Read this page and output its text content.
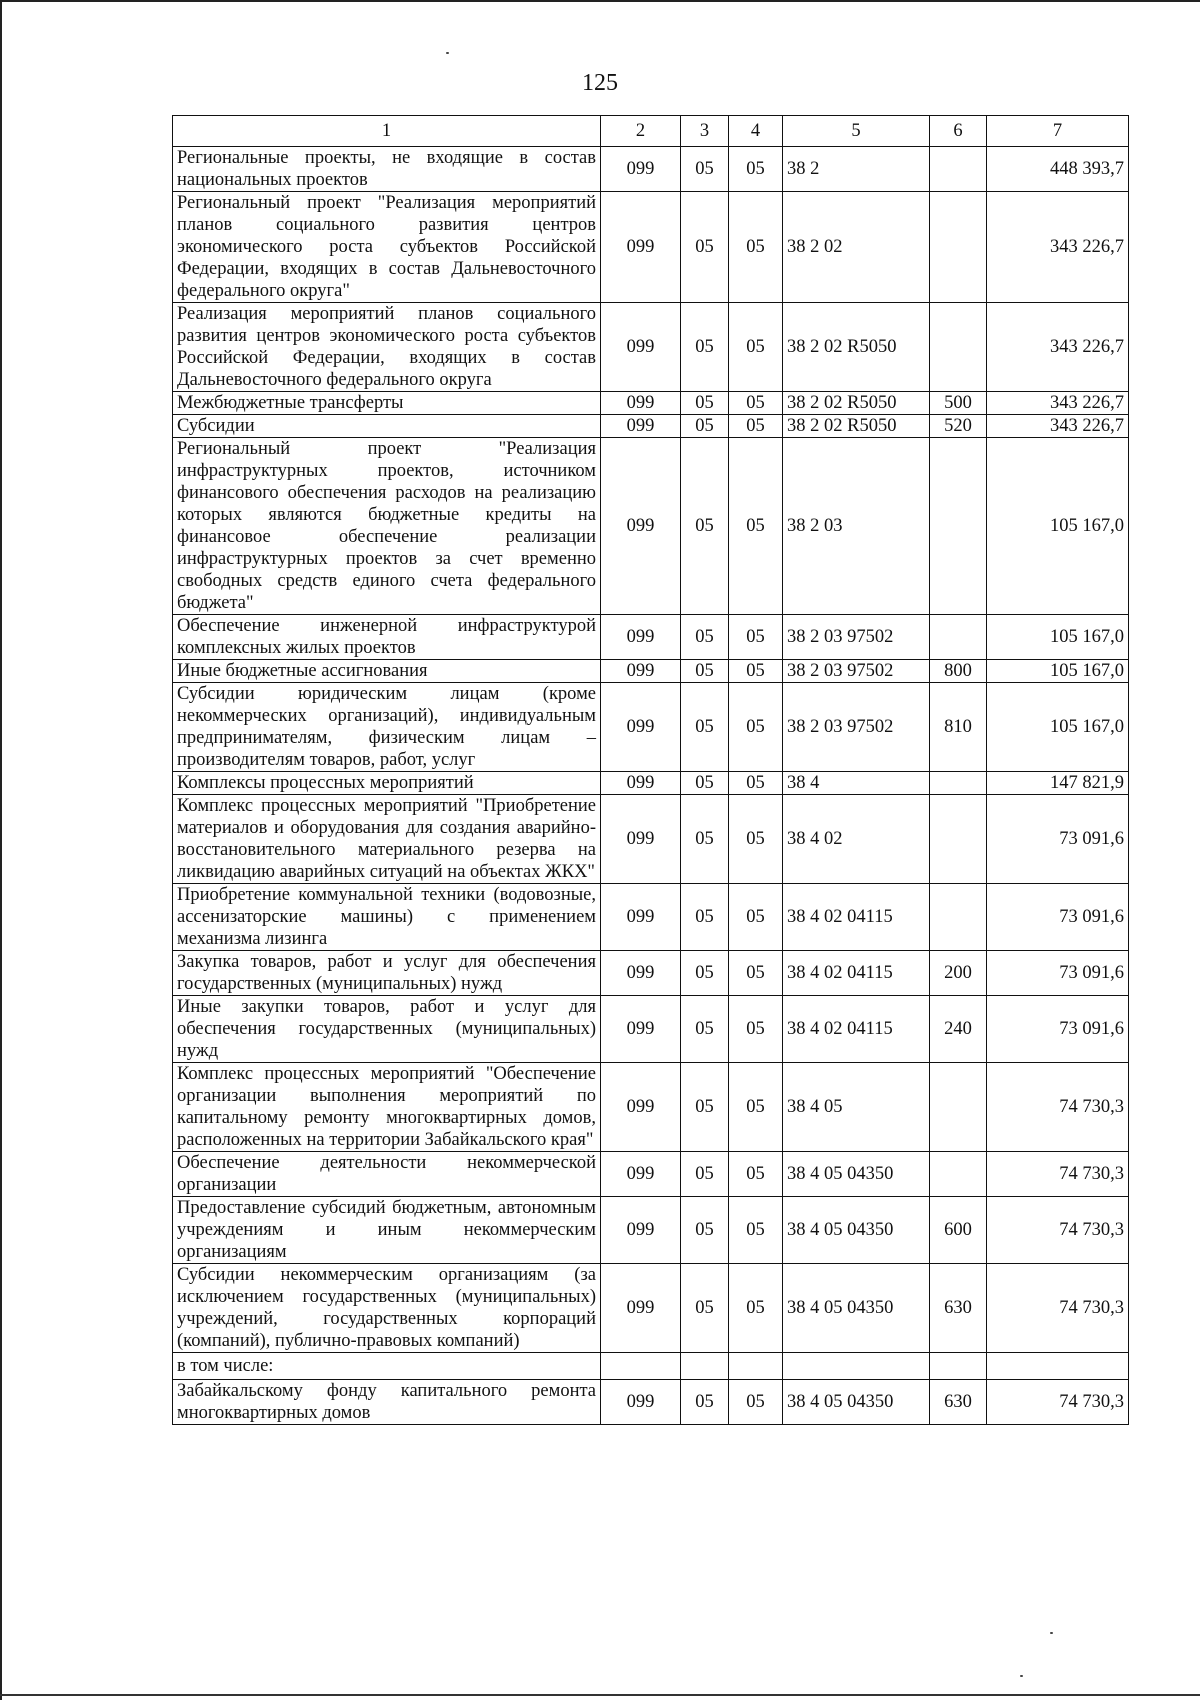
125
1	2	3	4	5	6	7
Региональные проекты, не входящие в состав национальных проектов	099	05	05	38 2		448 393,7
Региональный проект "Реализация мероприятий планов социального развития центров экономического роста субъектов Российской Федерации, входящих в состав Дальневосточного федерального округа"	099	05	05	38 2 02		343 226,7
Реализация мероприятий планов социального развития центров экономического роста субъектов Российской Федерации, входящих в состав Дальневосточного федерального округа	099	05	05	38 2 02 R5050		343 226,7
Межбюджетные трансферты	099	05	05	38 2 02 R5050	500	343 226,7
Субсидии	099	05	05	38 2 02 R5050	520	343 226,7
Региональный проект "Реализация инфраструктурных проектов, источником финансового обеспечения расходов на реализацию которых являются бюджетные кредиты на финансовое обеспечение реализации инфраструктурных проектов за счет временно свободных средств единого счета федерального бюджета"	099	05	05	38 2 03		105 167,0
Обеспечение инженерной инфраструктурой комплексных жилых проектов	099	05	05	38 2 03 97502		105 167,0
Иные бюджетные ассигнования	099	05	05	38 2 03 97502	800	105 167,0
Субсидии юридическим лицам (кроме некоммерческих организаций), индивидуальным предпринимателям, физическим лицам – производителям товаров, работ, услуг	099	05	05	38 2 03 97502	810	105 167,0
Комплексы процессных мероприятий	099	05	05	38 4		147 821,9
Комплекс процессных мероприятий "Приобретение материалов и оборудования для создания аварийно-восстановительного материального резерва на ликвидацию аварийных ситуаций на объектах ЖКХ"	099	05	05	38 4 02		73 091,6
Приобретение коммунальной техники (водовозные, ассенизаторские машины) с применением механизма лизинга	099	05	05	38 4 02 04115		73 091,6
Закупка товаров, работ и услуг для обеспечения государственных (муниципальных) нужд	099	05	05	38 4 02 04115	200	73 091,6
Иные закупки товаров, работ и услуг для обеспечения государственных (муниципальных) нужд	099	05	05	38 4 02 04115	240	73 091,6
Комплекс процессных мероприятий "Обеспечение организации выполнения мероприятий по капитальному ремонту многоквартирных домов, расположенных на территории Забайкальского края"	099	05	05	38 4 05		74 730,3
Обеспечение деятельности некоммерческой организации	099	05	05	38 4 05 04350		74 730,3
Предоставление субсидий бюджетным, автономным учреждениям и иным некоммерческим организациям	099	05	05	38 4 05 04350	600	74 730,3
Субсидии некоммерческим организациям (за исключением государственных (муниципальных) учреждений, государственных корпораций (компаний), публично-правовых компаний)	099	05	05	38 4 05 04350	630	74 730,3
в том числе:						
Забайкальскому фонду капитального ремонта многоквартирных домов	099	05	05	38 4 05 04350	630	74 730,3
